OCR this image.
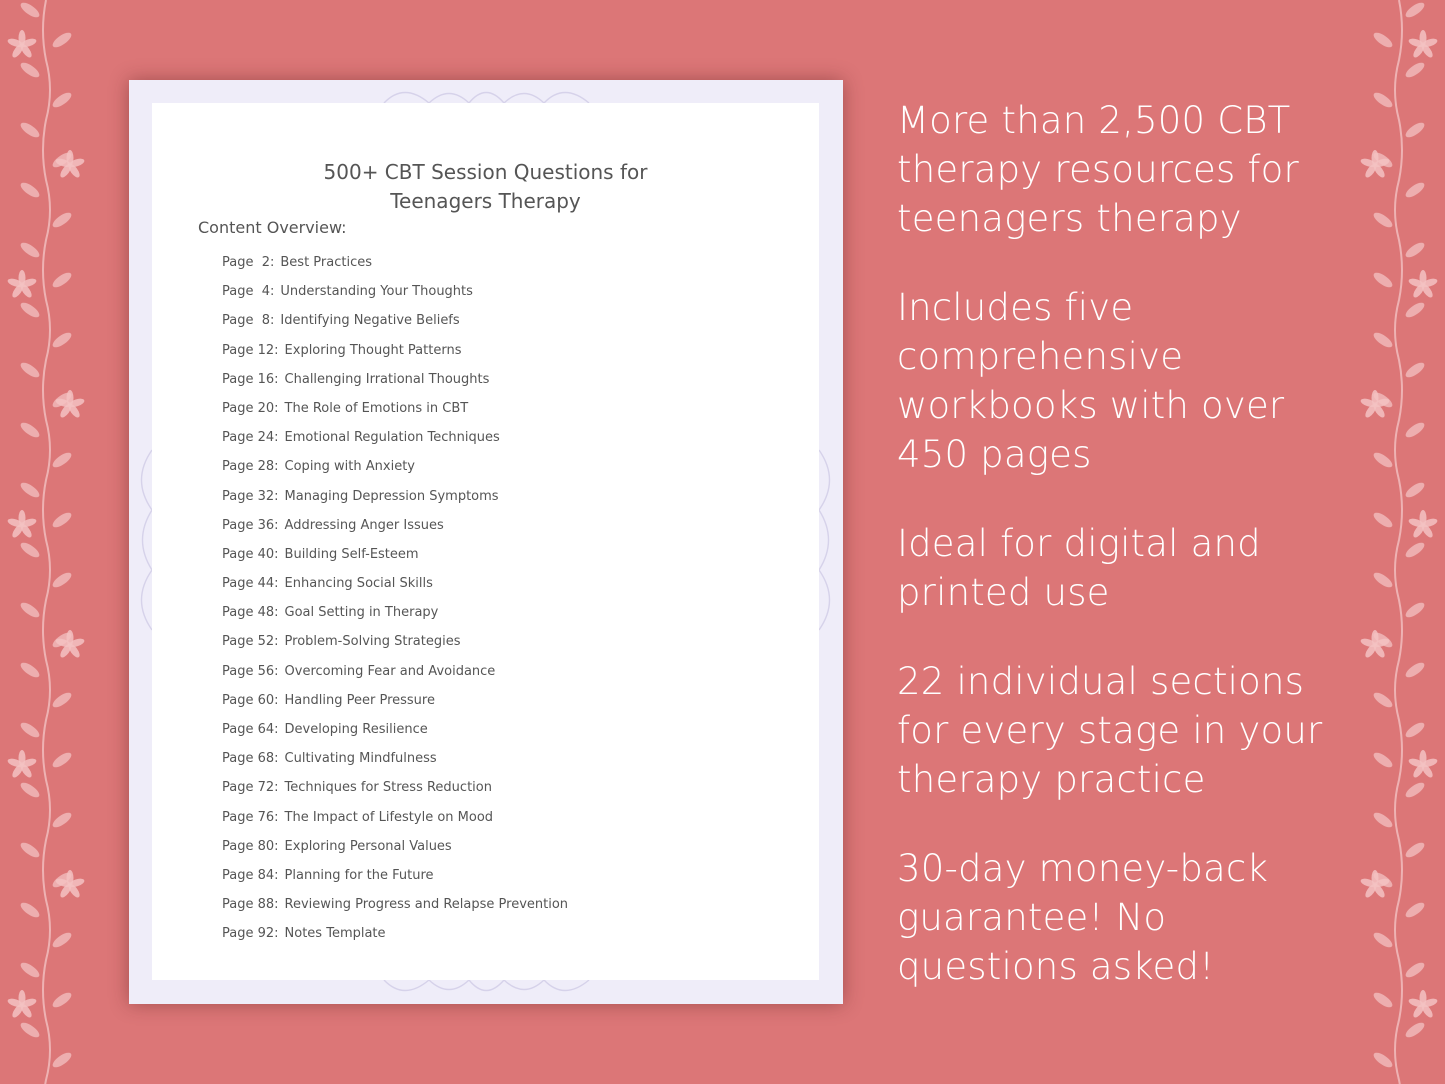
500+ CBT Session Questions for
Teenagers Therapy
Content Overview:
Page  2: Best Practices
Page  4: Understanding Your Thoughts
Page  8: Identifying Negative Beliefs
Page 12: Exploring Thought Patterns
Page 16: Challenging Irrational Thoughts
Page 20: The Role of Emotions in CBT
Page 24: Emotional Regulation Techniques
Page 28: Coping with Anxiety
Page 32: Managing Depression Symptoms
Page 36: Addressing Anger Issues
Page 40: Building Self-Esteem
Page 44: Enhancing Social Skills
Page 48: Goal Setting in Therapy
Page 52: Problem-Solving Strategies
Page 56: Overcoming Fear and Avoidance
Page 60: Handling Peer Pressure
Page 64: Developing Resilience
Page 68: Cultivating Mindfulness
Page 72: Techniques for Stress Reduction
Page 76: The Impact of Lifestyle on Mood
Page 80: Exploring Personal Values
Page 84: Planning for the Future
Page 88: Reviewing Progress and Relapse Prevention
Page 92: Notes Template

More than 2,500 CBT therapy resources for teenagers therapy

Includes five comprehensive workbooks with over 450 pages

Ideal for digital and printed use

22 individual sections for every stage in your therapy practice

30-day money-back guarantee! No questions asked!
